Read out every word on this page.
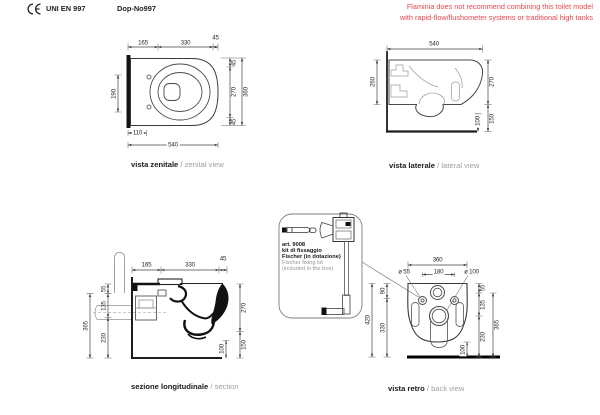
UNI EN 997	Dop-No997	Flaminia does not recommend combining this toilet model
with rapid-flow/flushometer systems or traditional high tanks
165	330
45
190
45
270
45
360
110
540
vista zenitale / zenital view
540
260	270
150
100
vista laterale / lateral view
165	330
45
55
135
230
365
270
150
100
sezione longitudinale / section
art. 9008
kit di fissaggio
Fischer (in dotazione)
Fischer fixing kit
(included in the box)
360
ø 55	180	ø 100
420
90
330
55
135
230
365
100
vista retro / back view
